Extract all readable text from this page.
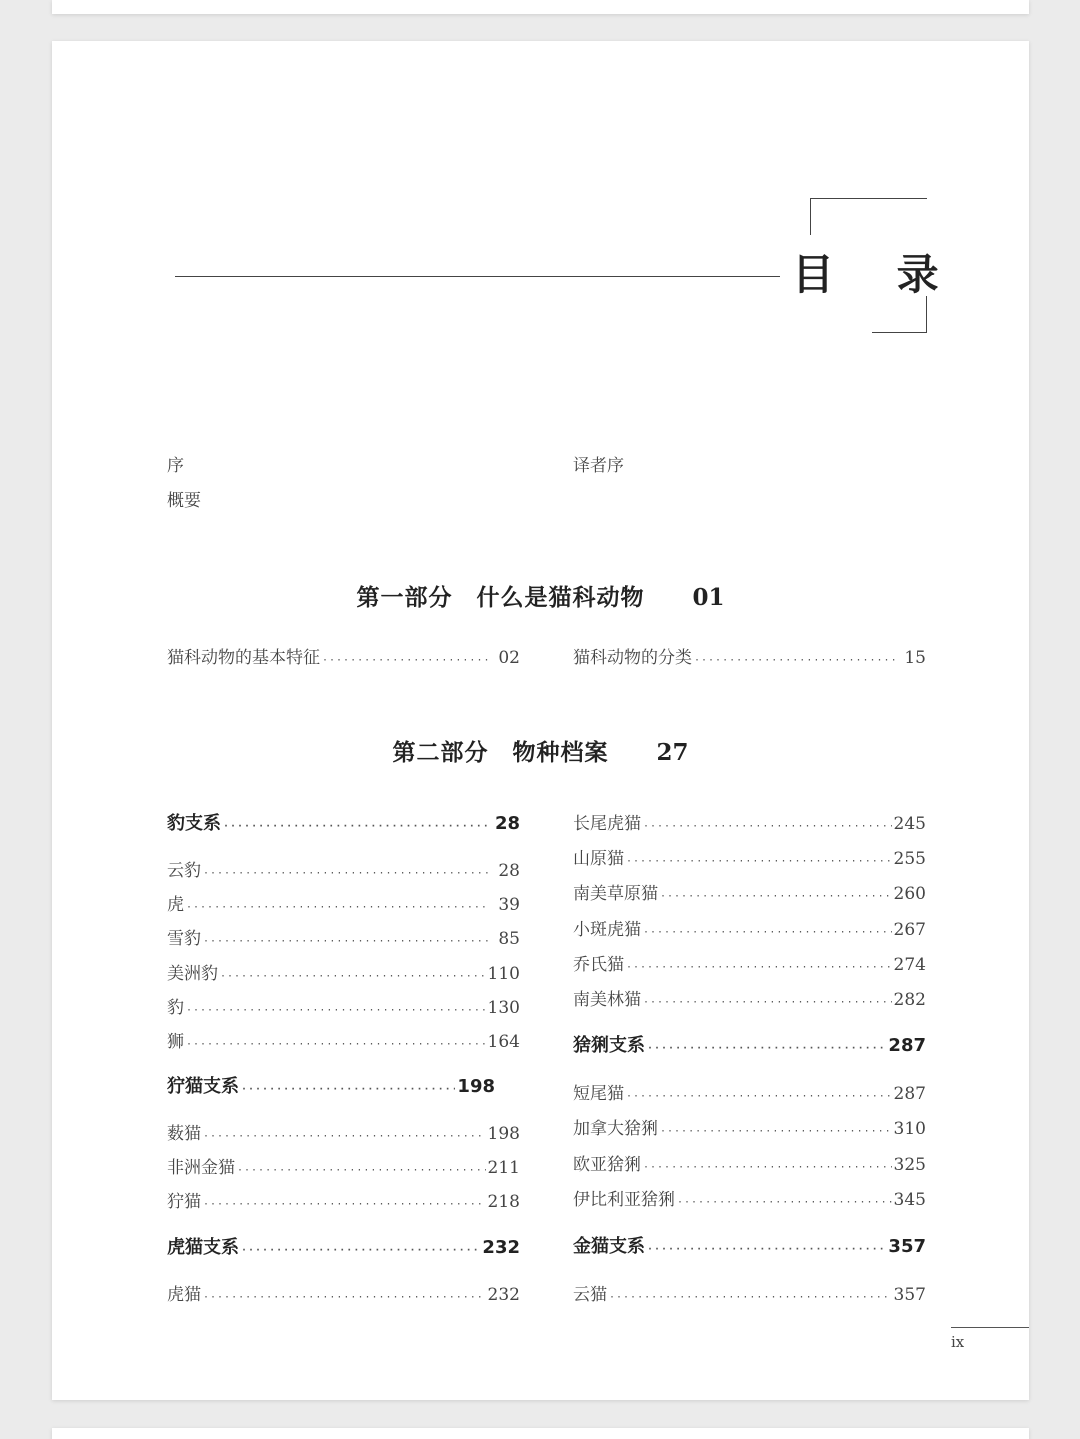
目 录
序	译者序
概要
第一部分　什么是猫科动物 01
猫科动物的基本特征 ·····	02	猫科动物的分类 ·····	15
第二部分　物种档案 27
豹支系 ·····	28
云豹 ·····	28
虎 ·····	39
雪豹 ·····	85
美洲豹 ·····	110
豹 ·····	130
狮 ·····	164
狞猫支系 ·····	198
薮猫 ·····	198
非洲金猫 ·····	211
狞猫 ·····	218
虎猫支系 ·····	232
虎猫 ·····	232
长尾虎猫 ·····	245
山原猫 ·····	255
南美草原猫 ·····	260
小斑虎猫 ·····	267
乔氏猫 ·····	274
南美林猫 ·····	282
猞猁支系 ·····	287
短尾猫 ·····	287
加拿大猞猁 ·····	310
欧亚猞猁 ·····	325
伊比利亚猞猁 ·····	345
金猫支系 ·····	357
云猫 ·····	357
ix
